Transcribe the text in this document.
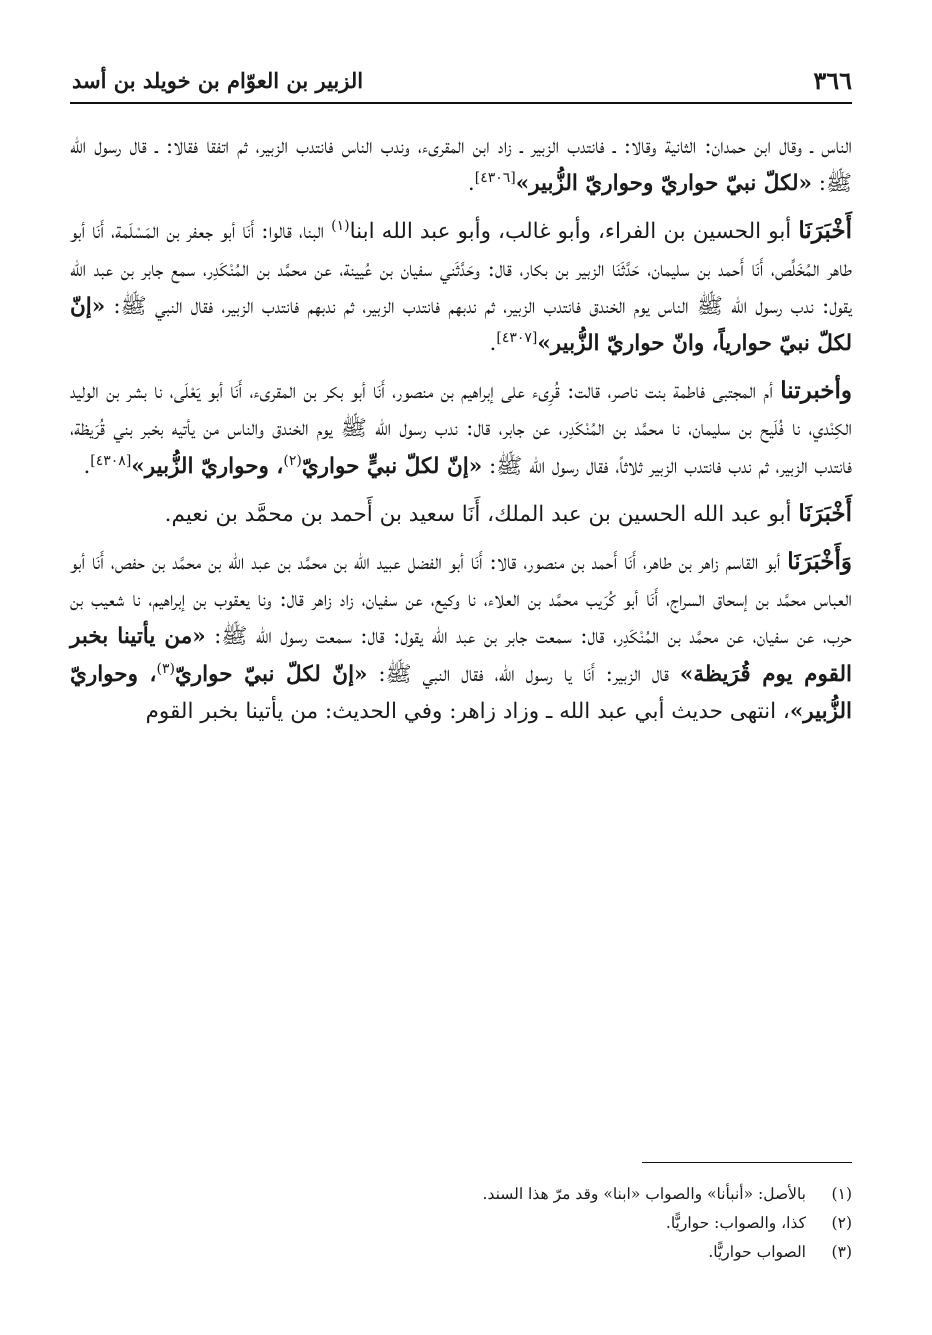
٣٦٦
الزبير بن العوّام بن خويلد بن أسد

الناس ـ وقال ابن حمدان: الثانية وقالا: ـ فانتدب الزبير ـ زاد ابن المقرىء، وندب الناس فانتدب الزبير، ثم اتفقا فقالا: ـ قال رسول الله ﷺ: «لكلّ نبيّ حواريّ وحواريّ الزُّبير»[٤٣٠٦].

أَخْبَرَنَا أبو الحسين بن الفراء، وأبو غالب، وأبو عبد الله ابنا$^{(١)}$ البنا، قالوا: أَنَا أبو جعفر بن المَسْلَمة، أَنَا أبو طاهر المُخَلِّص، أَنَا أَحمد بن سليمان، حَدَّثَنَا الزبير بن بكار، قال: وحَدَّثَني سفيان بن عُيينة، عن محمَّد بن المُنْكَدِر، سمع جابر بن عبد الله يقول: ندب رسول الله ﷺ الناس يوم الخندق فانتدب الزبير، ثم ندبهم فانتدب الزبير، ثم ندبهم فانتدب الزبير، فقال النبي ﷺ: «إنّ لكلّ نبيّ حوارياً، وانّ حواريّ الزُّبير»[٤٣٠٧].

وأخبرتنا أم المجتبى فاطمة بنت ناصر، قالت: قُرِىء على إبراهيم بن منصور، أَنَا أبو بكر بن المقرىء، أَنَا أبو يَعْلَى، نا بشر بن الوليد الكِنْدي، نا فُلَيح بن سليمان، نا محمَّد بن المُنْكَدِر، عن جابر، قال: ندب رسول الله ﷺ يوم الخندق والناس من يأتيه بخبر بني قُرَيظة، فانتدب الزبير، ثم ندب فانتدب الزبير ثلاثاً، فقال رسول الله ﷺ: «إنّ لكلّ نبيٍّ حواريّ$^{(٢)}$، وحواريّ الزُّبير»[٤٣٠٨].

أَخْبَرَنَا أبو عبد الله الحسين بن عبد الملك، أَنَا سعيد بن أَحمد بن محمَّد بن نعيم.

وَأَخْبَرَنَا أبو القاسم زاهر بن طاهر، أَنَا أَحمد بن منصور، قالا: أَنَا أبو الفضل عبيد الله بن محمَّد بن عبد الله بن محمَّد بن حفص، أَنَا أبو العباس محمَّد بن إسحاق السراج، أَنَا أبو كُرَيب محمَّد بن العلاء، نا وكيع، عن سفيان، زاد زاهر قال: ونا يعقوب بن إبراهيم، نا شعيب بن حرب، عن سفيان، عن محمَّد بن المُنْكَدِر، قال: سمعت جابر بن عبد الله يقول: قال: سمعت رسول الله ﷺ: «من يأتينا بخبر القوم يوم قُرَيظة» قال الزبير: أَنَا يا رسول الله، فقال النبي ﷺ: «إنّ لكلّ نبيّ حواريّ$^{(٣)}$، وحواريّ الزُّبير»، انتهى حديث أبي عبد الله ـ وزاد زاهر: وفي الحديث: من يأتينا بخبر القوم

(١)
بالأصل: «أنبأنا» والصواب «ابنا» وقد مرّ هذا السند.
(٢)
كذا، والصواب: حواريًّا.
(٣)
الصواب حواريًّا.
